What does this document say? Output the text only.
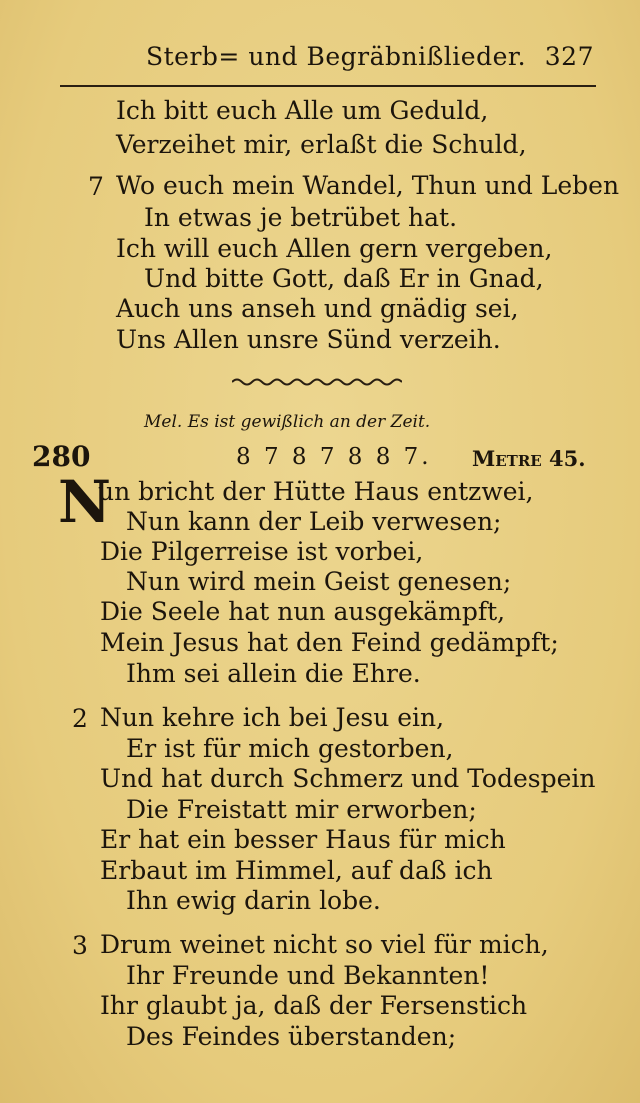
Sterb= und Begräbnißlieder. 327
Ich bitt euch Alle um Geduld,
Verzeihet mir, erlaßt die Schuld,
7 Wo euch mein Wandel, Thun und Leben
In etwas je betrübet hat.
Ich will euch Allen gern vergeben,
Und bitte Gott, daß Er in Gnad,
Auch uns anseh und gnädig sei,
Uns Allen unsre Sünd verzeih.
Mel. Es ist gewißlich an der Zeit.
280	8 7 8 7 8 8 7. Metre 45.
N
un bricht der Hütte Haus entzwei,
Nun kann der Leib verwesen;
Die Pilgerreise ist vorbei,
Nun wird mein Geist genesen;
Die Seele hat nun ausgekämpft,
Mein Jesus hat den Feind gedämpft;
Ihm sei allein die Ehre.
2 Nun kehre ich bei Jesu ein,
Er ist für mich gestorben,
Und hat durch Schmerz und Todespein
Die Freistatt mir erworben;
Er hat ein besser Haus für mich
Erbaut im Himmel, auf daß ich
Ihn ewig darin lobe.
3 Drum weinet nicht so viel für mich,
Ihr Freunde und Bekannten!
Ihr glaubt ja, daß der Fersenstich
Des Feindes überstanden;
